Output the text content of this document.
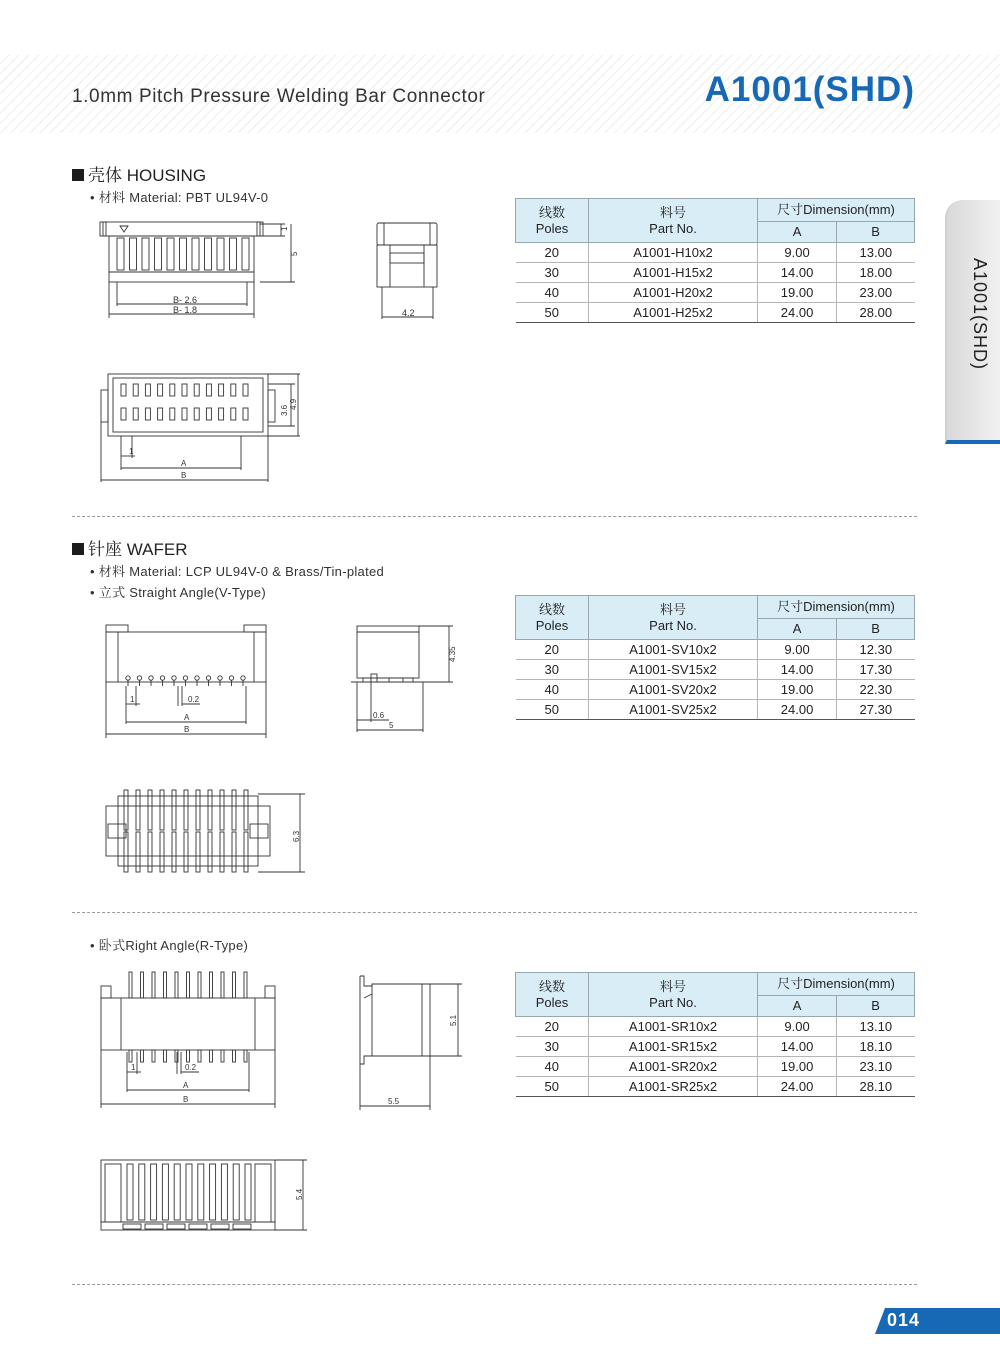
1.0mm Pitch Pressure Welding Bar Connector	A1001(SHD)
A1001(SHD)
壳体 HOUSING
• 材料 Material: PBT UL94V-0
1
5
B- 2.6
B- 1.8	4.2
3.6
4.9
1
A
B
线数
Poles	料号
Part No.	尺寸Dimension(mm)	
		A	B
20	A1001-H10x2	9.00	13.00
30	A1001-H15x2	14.00	18.00
40	A1001-H20x2	19.00	23.00
50	A1001-H25x2	24.00	28.00
针座 WAFER
• 材料 Material: LCP UL94V-0 & Brass/Tin-plated
• 立式 Straight Angle(V-Type)
1	0.2
A
B
4.35
0.6
5
6.3
线数
Poles	料号
Part No.	尺寸Dimension(mm)	
		A	B
20	A1001-SV10x2	9.00	12.30
30	A1001-SV15x2	14.00	17.30
40	A1001-SV20x2	19.00	22.30
50	A1001-SV25x2	24.00	27.30
• 卧式Right Angle(R-Type)
1	0.2
A
B
5.1
5.5
5.4
线数
Poles	料号
Part No.	尺寸Dimension(mm)	
		A	B
20	A1001-SR10x2	9.00	13.10
30	A1001-SR15x2	14.00	18.10
40	A1001-SR20x2	19.00	23.10
50	A1001-SR25x2	24.00	28.10
014
